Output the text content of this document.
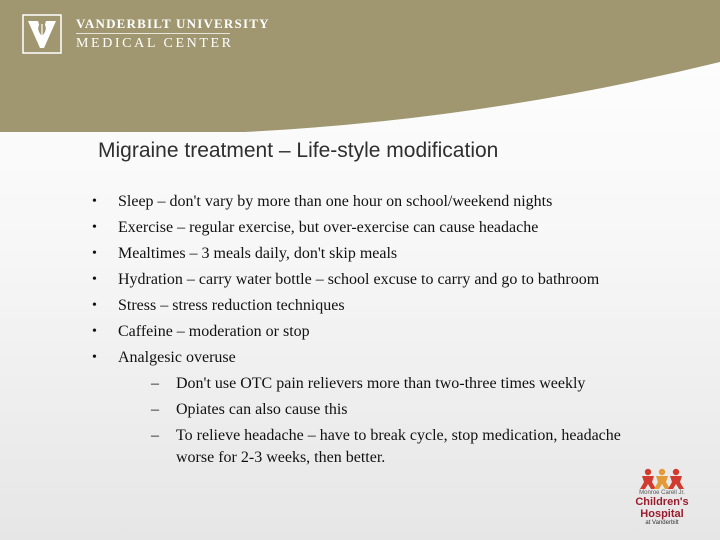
VANDERBILT UNIVERSITY
MEDICAL CENTER
Migraine treatment – Life-style modification
• Sleep – don't vary by more than one hour on school/weekend nights
• Exercise – regular exercise, but over-exercise can cause headache
• Mealtimes – 3 meals daily, don't skip meals
• Hydration – carry water bottle – school excuse to carry and go to bathroom
• Stress – stress reduction techniques
• Caffeine – moderation or stop
• Analgesic overuse
– Don't use OTC pain relievers more than two-three times weekly
– Opiates can also cause this
– To relieve headache – have to break cycle, stop medication, headache
worse for 2-3 weeks, then better.
Monroe Carell Jr.
Children's Hospital
at Vanderbilt
